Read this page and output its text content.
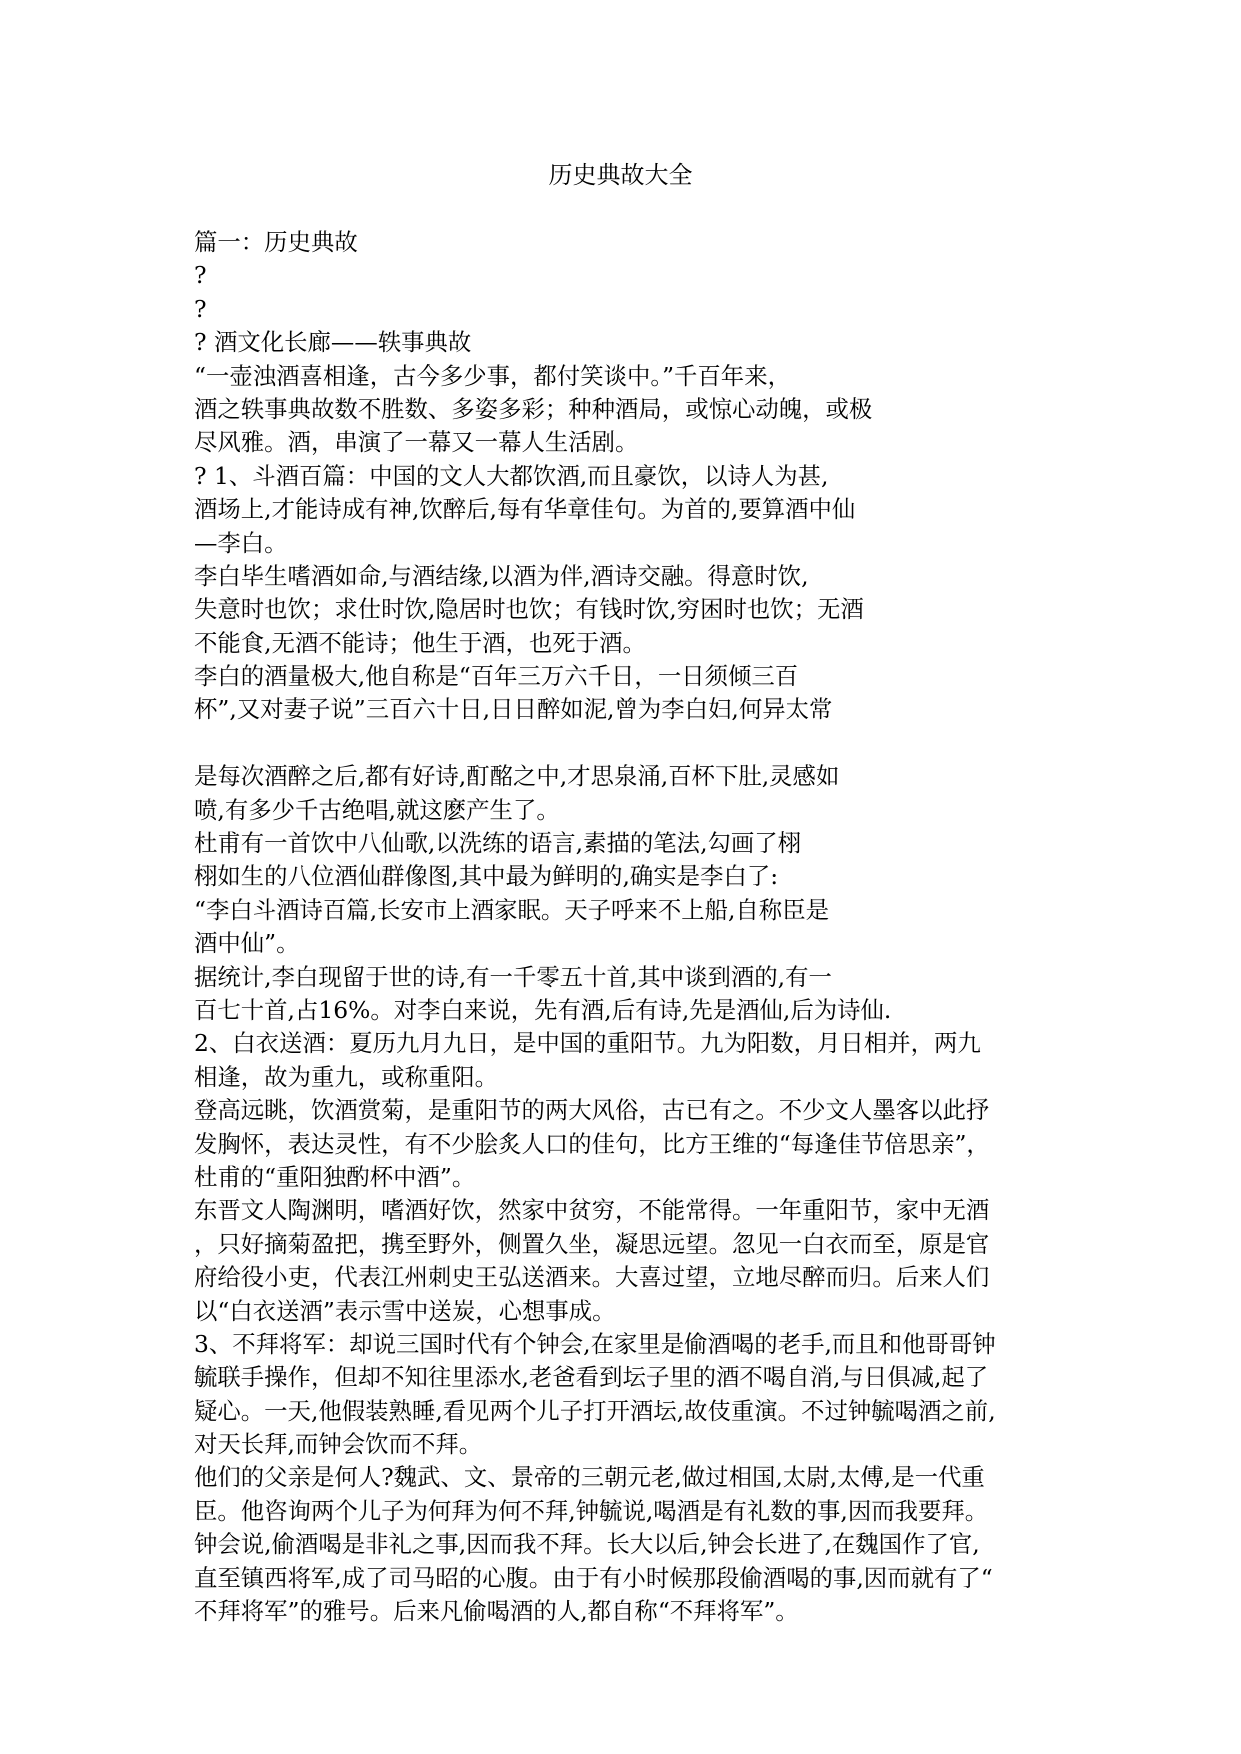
历史典故大全
篇一：历史典故
?
?
? 酒文化长廊——轶事典故
“一壶浊酒喜相逢，古今多少事，都付笑谈中。”千百年来，
酒之轶事典故数不胜数、多姿多彩；种种酒局，或惊心动魄，或极
尽风雅。酒，串演了一幕又一幕人生活剧。
? 1、斗酒百篇：中国的文人大都饮酒,而且豪饮，以诗人为甚,
酒场上,才能诗成有神,饮醉后,每有华章佳句。为首的,要算酒中仙
—李白。
李白毕生嗜酒如命,与酒结缘,以酒为伴,酒诗交融。得意时饮,
失意时也饮；求仕时饮,隐居时也饮；有钱时饮,穷困时也饮；无酒
不能食,无酒不能诗；他生于酒，也死于酒。
李白的酒量极大,他自称是“百年三万六千日，一日须倾三百
杯”,又对妻子说”三百六十日,日日醉如泥,曾为李白妇,何异太常
是每次酒醉之后,都有好诗,酊酩之中,才思泉涌,百杯下肚,灵感如
喷,有多少千古绝唱,就这麽产生了。
杜甫有一首饮中八仙歌,以洗练的语言,素描的笔法,勾画了栩
栩如生的八位酒仙群像图,其中最为鲜明的,确实是李白了:
“李白斗酒诗百篇,长安市上酒家眠。天子呼来不上船,自称臣是
酒中仙”。
据统计,李白现留于世的诗,有一千零五十首,其中谈到酒的,有一
百七十首,占16%。对李白来说，先有酒,后有诗,先是酒仙,后为诗仙.
2、白衣送酒：夏历九月九日，是中国的重阳节。九为阳数，月日相并，两九
相逢，故为重九，或称重阳。
登高远眺，饮酒赏菊，是重阳节的两大风俗，古已有之。不少文人墨客以此抒
发胸怀，表达灵性，有不少脍炙人口的佳句，比方王维的“每逢佳节倍思亲”，
杜甫的“重阳独酌杯中酒”。
东晋文人陶渊明，嗜酒好饮，然家中贫穷，不能常得。一年重阳节，家中无酒
，只好摘菊盈把，携至野外，侧置久坐，凝思远望。忽见一白衣而至，原是官
府给役小吏，代表江州刺史王弘送酒来。大喜过望，立地尽醉而归。后来人们
以“白衣送酒”表示雪中送炭，心想事成。
3、不拜将军：却说三国时代有个钟会,在家里是偷酒喝的老手,而且和他哥哥钟
毓联手操作，但却不知往里添水,老爸看到坛子里的酒不喝自消,与日俱减,起了
疑心。一天,他假装熟睡,看见两个儿子打开酒坛,故伎重演。不过钟毓喝酒之前,
对天长拜,而钟会饮而不拜。
他们的父亲是何人?魏武、文、景帝的三朝元老,做过相国,太尉,太傅,是一代重
臣。他咨询两个儿子为何拜为何不拜,钟毓说,喝酒是有礼数的事,因而我要拜。
钟会说,偷酒喝是非礼之事,因而我不拜。长大以后,钟会长进了,在魏国作了官,
直至镇西将军,成了司马昭的心腹。由于有小时候那段偷酒喝的事,因而就有了“
不拜将军”的雅号。后来凡偷喝酒的人,都自称“不拜将军”。
